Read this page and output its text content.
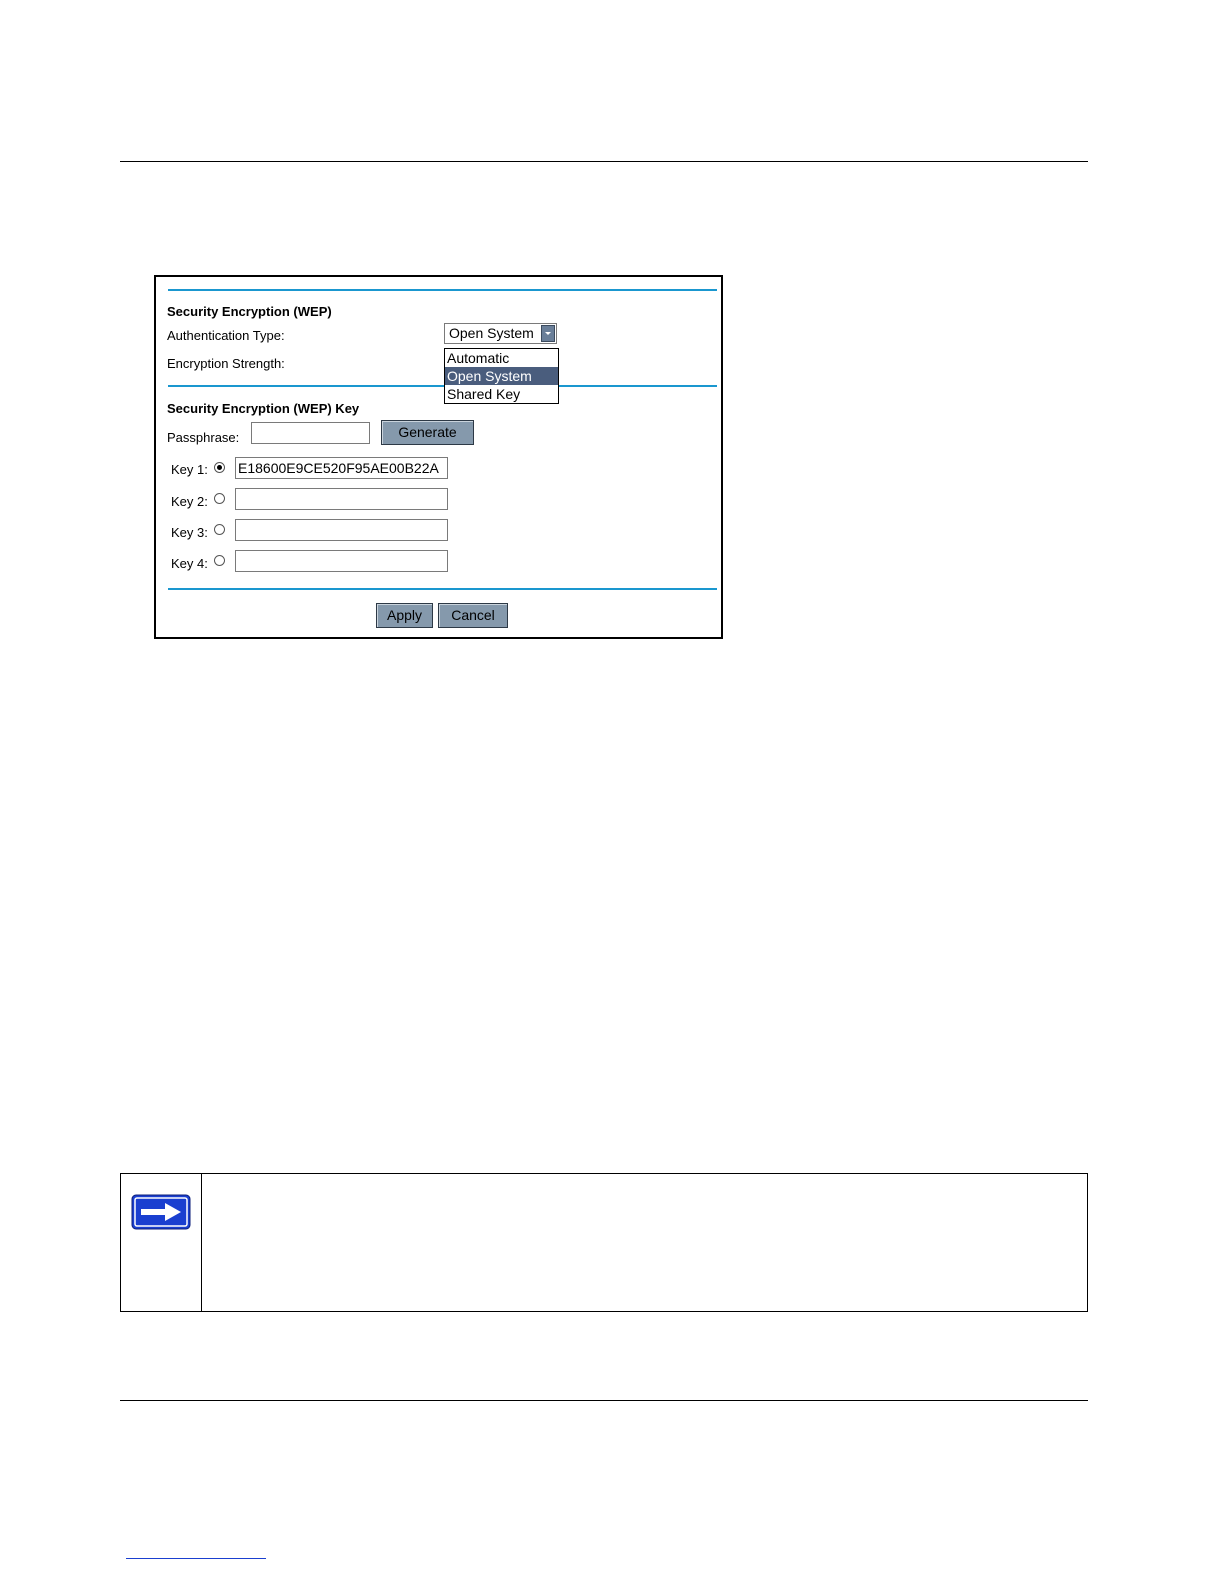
Security Encryption (WEP)
Authentication Type:	Open System
Encryption Strength:
Security Encryption (WEP) Key
Automatic
Open System
Shared Key
Passphrase:	Generate
Key 1: E18600E9CE520F95AE00B22A
Key 2:
Key 3:
Key 4:
Apply	Cancel
